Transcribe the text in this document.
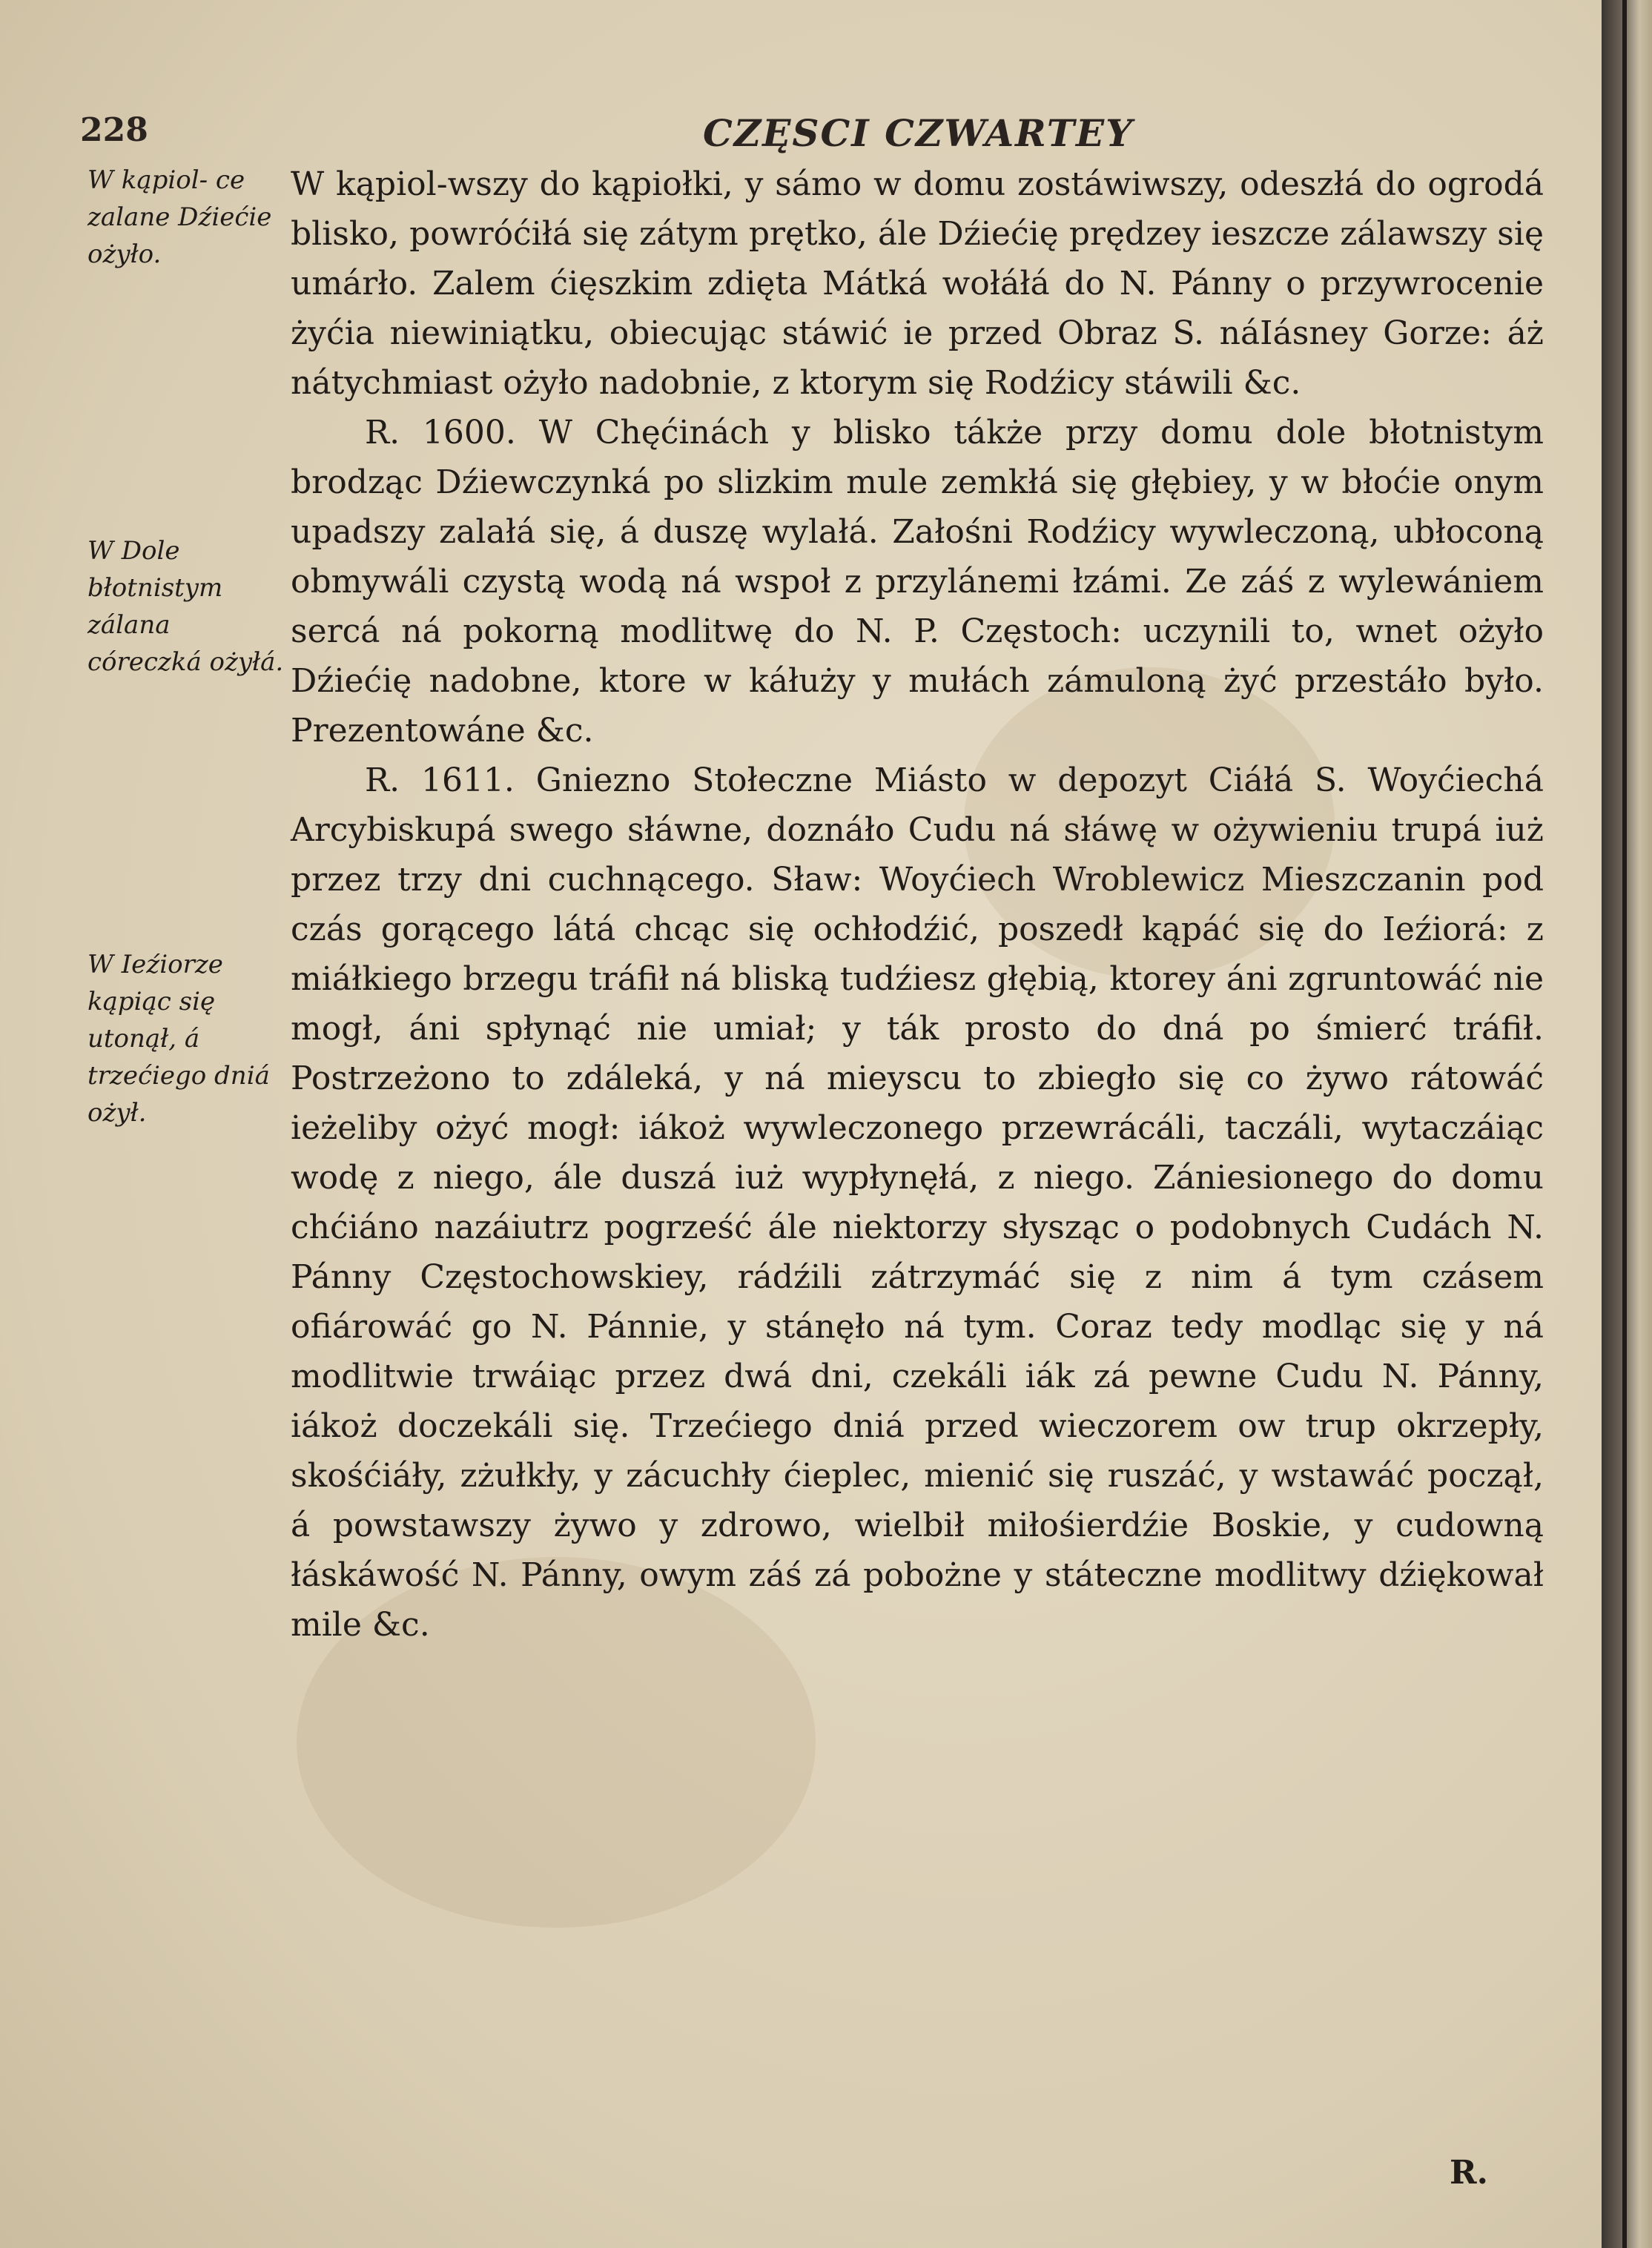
228	CZĘSCI CZWARTEY
W kąpiol- ce zalane Dźiećie ożyło.
W Dole błotnistym zálana córeczká ożyłá.
W Ieźiorze kąpiąc się utonął, á trzećiego dniá ożył.

W kąpiol-wszy do kąpiołki, y sámo w domu zostáwiwszy, odeszłá do ogrodá blisko, powróćiłá się zátym prętko, ále Dźiećię prędzey ieszcze zálawszy się umárło. Zalem ćięszkim zdięta Mátká wołáłá do N. Pánny o przywrocenie żyćia niewiniątku, obiecując stáwić ie przed Obraz S. náIásney Gorze: áż nátychmiast ożyło nadobnie, z ktorym się Rodźicy stáwili &c.

R. 1600. W Chęćinách y blisko tákże przy domu dole błotnistym brodząc Dźiewczynká po slizkim mule zemkłá się głębiey, y w błoćie onym upadszy zalałá się, á duszę wylałá. Załośni Rodźicy wywleczoną, ubłoconą obmywáli czystą wodą ná wspoł z przylánemi łzámi. Ze záś z wylewániem sercá ná pokorną modlitwę do N. P. Częstoch: uczynili to, wnet ożyło Dźiećię nadobne, ktore w káłuży y mułách zámuloną żyć przestáło było. Prezentowáne &c.

R. 1611. Gniezno Stołeczne Miásto w depozyt Ciáłá S. Woyćiechá Arcybiskupá swego słáwne, doznáło Cudu ná słáwę w ożywieniu trupá iuż przez trzy dni cuchnącego. Sław: Woyćiech Wroblewicz Mieszczanin pod czás gorącego látá chcąc się ochłodźić, poszedł kąpáć się do Ieźiorá: z miáłkiego brzegu tráfił ná bliską tudźiesz głębią, ktorey áni zgruntowáć nie mogł, áni spłynąć nie umiał; y ták prosto do dná po śmierć tráfił. Postrzeżono to zdáleká, y ná mieyscu to zbiegło się co żywo rátowáć ieżeliby ożyć mogł: iákoż wywleczonego przewrácáli, taczáli, wytaczáiąc wodę z niego, ále duszá iuż wypłynęłá, z niego. Zániesionego do domu chćiáno nazáiutrz pogrześć ále niektorzy słysząc o podobnych Cudách N. Pánny Częstochowskiey, rádźili zátrzymáć się z nim á tym czásem ofiárowáć go N. Pánnie, y stánęło ná tym. Coraz tedy modląc się y ná modlitwie trwáiąc przez dwá dni, czekáli iák zá pewne Cudu N. Pánny, iákoż doczekáli się. Trzećiego dniá przed wieczorem ow trup okrzepły, skośćiáły, zżułkły, y zácuchły ćieplec, mienić się ruszáć, y wstawáć począł, á powstawszy żywo y zdrowo, wielbił miłośierdźie Boskie, y cudowną łáskáwość N. Pánny, owym záś zá pobożne y státeczne modlitwy dźiękował mile &c.

R.
